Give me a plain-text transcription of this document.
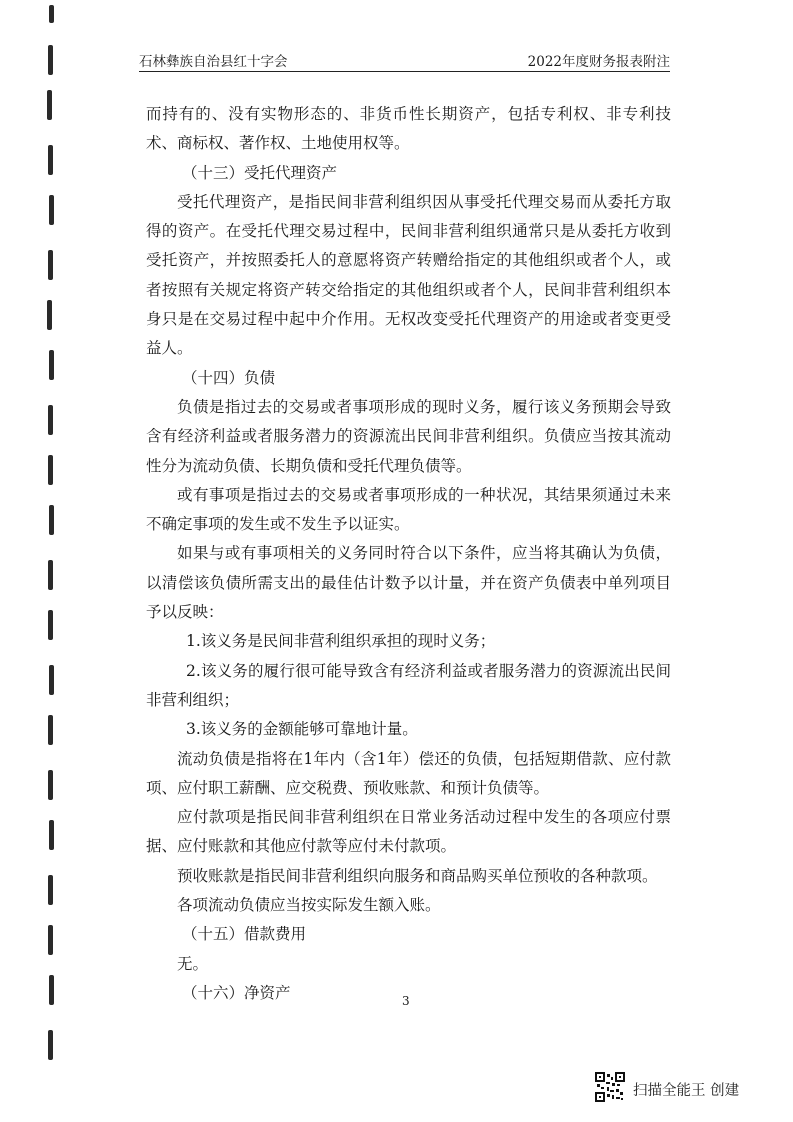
石林彝族自治县红十字会	2022年度财务报表附注

而持有的、没有实物形态的、非货币性长期资产，包括专利权、非专利技术、商标权、著作权、土地使用权等。

（十三）受托代理资产

受托代理资产，是指民间非营利组织因从事受托代理交易而从委托方取得的资产。在受托代理交易过程中，民间非营利组织通常只是从委托方收到受托资产，并按照委托人的意愿将资产转赠给指定的其他组织或者个人，或者按照有关规定将资产转交给指定的其他组织或者个人，民间非营利组织本身只是在交易过程中起中介作用。无权改变受托代理资产的用途或者变更受益人。

（十四）负债

负债是指过去的交易或者事项形成的现时义务，履行该义务预期会导致含有经济利益或者服务潜力的资源流出民间非营利组织。负债应当按其流动性分为流动负债、长期负债和受托代理负债等。

或有事项是指过去的交易或者事项形成的一种状况，其结果须通过未来不确定事项的发生或不发生予以证实。

如果与或有事项相关的义务同时符合以下条件，应当将其确认为负债，以清偿该负债所需支出的最佳估计数予以计量，并在资产负债表中单列项目予以反映：

1.该义务是民间非营利组织承担的现时义务；

2.该义务的履行很可能导致含有经济利益或者服务潜力的资源流出民间非营利组织；

3.该义务的金额能够可靠地计量。

流动负债是指将在1年内（含1年）偿还的负债，包括短期借款、应付款项、应付职工薪酬、应交税费、预收账款、和预计负债等。

应付款项是指民间非营利组织在日常业务活动过程中发生的各项应付票据、应付账款和其他应付款等应付未付款项。

预收账款是指民间非营利组织向服务和商品购买单位预收的各种款项。

各项流动负债应当按实际发生额入账。

（十五）借款费用

无。

（十六）净资产	3
扫描全能王 创建
